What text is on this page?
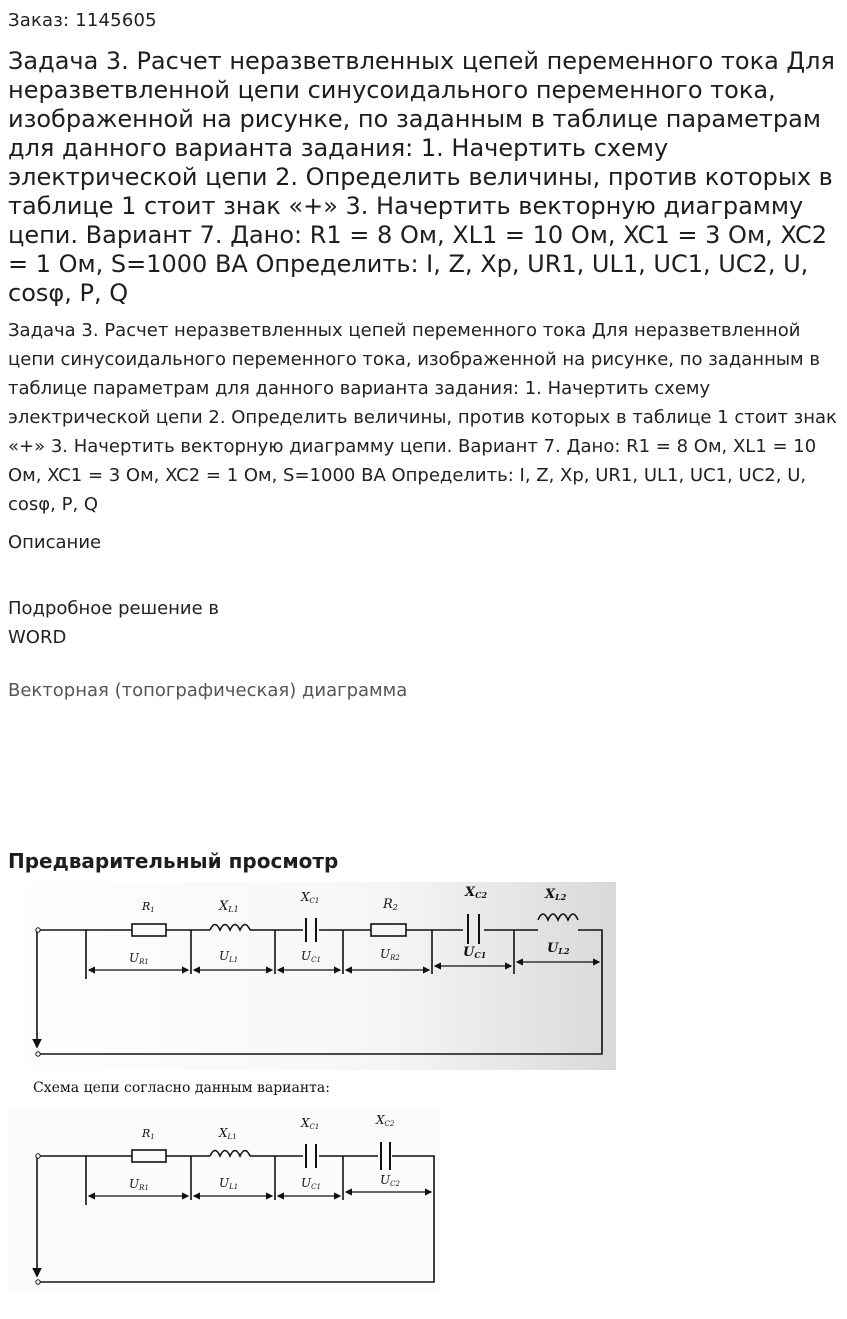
Заказ: 1145605
Задача 3. Расчет неразветвленных цепей переменного тока Для неразветвленной цепи синусоидального переменного тока, изображенной на рисунке, по заданным в таблице параметрам для данного варианта задания: 1. Начертить схему электрической цепи 2. Определить величины, против которых в таблице 1 стоит знак «+» 3. Начертить векторную диаграмму цепи. Вариант 7. Дано: R1 = 8 Ом, XL1 = 10 Ом, XC1 = 3 Ом, XC2 = 1 Ом, S=1000 ВА Определить: I, Z, Xр, UR1, UL1, UC1, UC2, U, cosφ, P, Q

Задача 3. Расчет неразветвленных цепей переменного тока Для неразветвленной цепи синусоидального переменного тока, изображенной на рисунке, по заданным в таблице параметрам для данного варианта задания: 1. Начертить схему электрической цепи 2. Определить величины, против которых в таблице 1 стоит знак «+» 3. Начертить векторную диаграмму цепи. Вариант 7. Дано: R1 = 8 Ом, XL1 = 10 Ом, XC1 = 3 Ом, XC2 = 1 Ом, S=1000 ВА Определить: I, Z, Xр, UR1, UL1, UC1, UC2, U, cosφ, P, Q

Описание
Подробное решение в
WORD
Векторная (топографическая) диаграмма
Предварительный просмотр
R1	XL1
XC1	R2
XC2	XL2
UR1	UL1	UC1	UR2	UC1	UL2
Схема цепи согласно данным варианта:
R1	XL1
XC1	XC2
UR1	UL1	UC1	UC2
